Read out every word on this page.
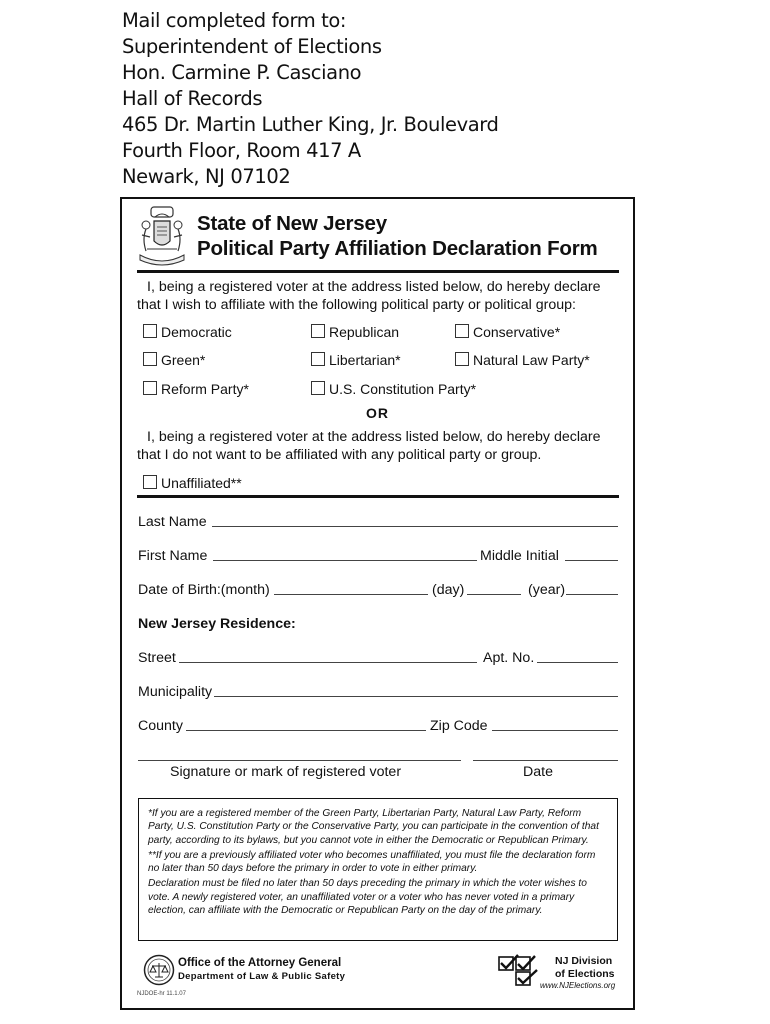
Mail completed form to:
Superintendent of Elections
Hon. Carmine P. Casciano
Hall of Records
465 Dr. Martin Luther King, Jr. Boulevard
Fourth Floor, Room 417 A
Newark, NJ 07102
State of New Jersey
Political Party Affiliation Declaration Form
I, being a registered voter at the address listed below, do hereby declare that I wish to affiliate with the following political party or political group:
Democratic	Republican	Conservative*
Green*	Libertarian*	Natural Law Party*
Reform Party*	U.S. Constitution Party*
OR
I, being a registered voter at the address listed below, do hereby declare that I do not want to be affiliated with any political party or group.
Unaffiliated**
Last Name
First Name	Middle Initial
Date of Birth:(month)	(day)	(year)
New Jersey Residence:
Street	Apt. No.
Municipality
County	Zip Code
Signature or mark of registered voter	Date

*If you are a registered member of the Green Party, Libertarian Party, Natural Law Party, Reform Party, U.S. Constitution Party or the Conservative Party, you can participate in the convention of that party, according to its bylaws, but you cannot vote in either the Democratic or Republican Primary.

**If you are a previously affiliated voter who becomes unaffiliated, you must file the declaration form no later than 50 days before the primary in order to vote in either primary.

Declaration must be filed no later than 50 days preceding the primary in which the voter wishes to vote. A newly registered voter, an unaffiliated voter or a voter who has never voted in a primary election, can affiliate with the Democratic or Republican Party on the day of the primary.

Office of the Attorney General
Department of Law & Public Safety
NJDOE-hr 11.1.07
NJ Division
of Elections
www.NJElections.org
